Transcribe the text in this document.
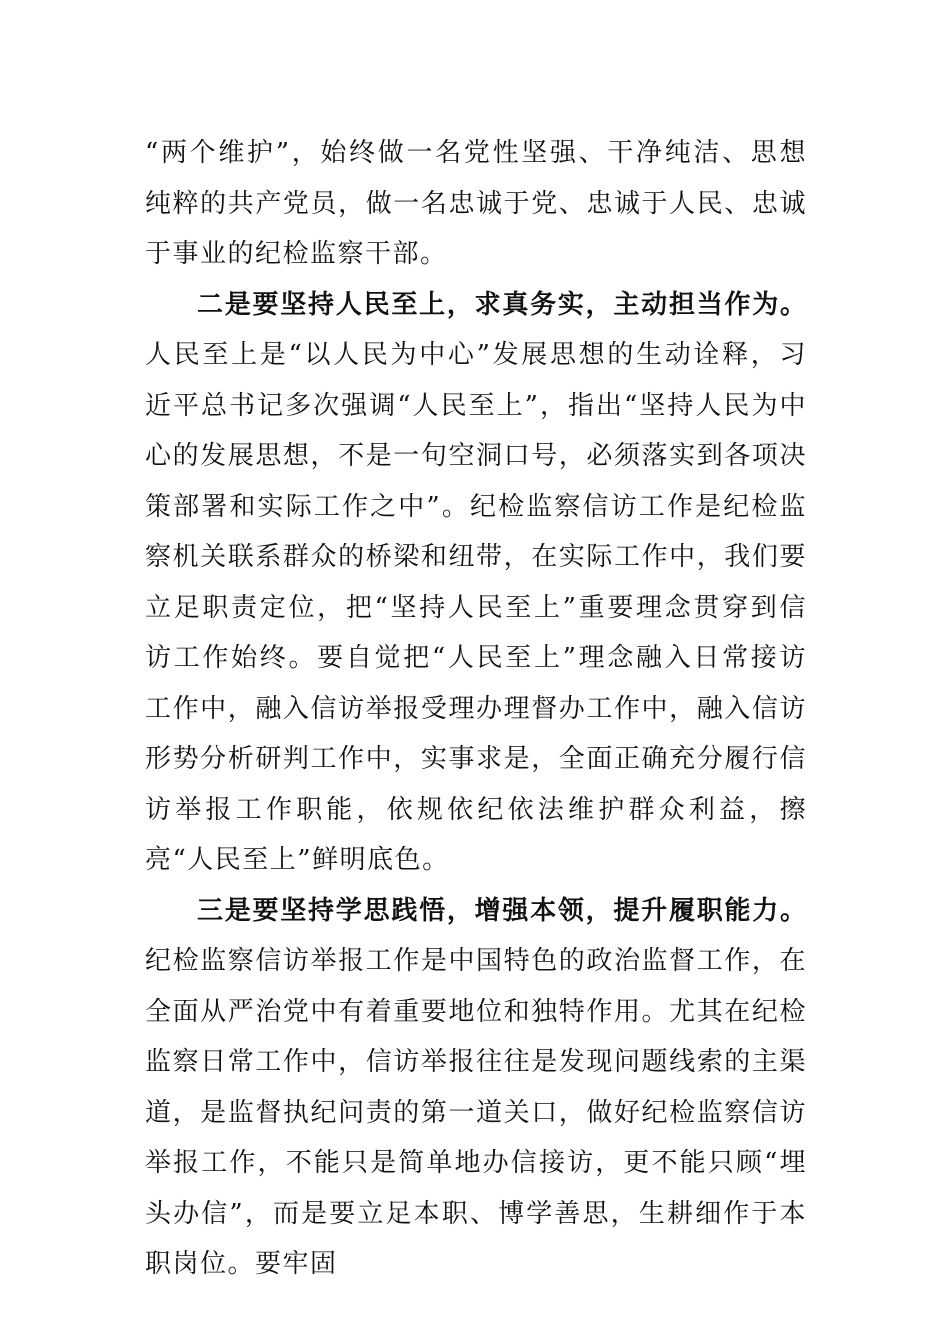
“两个维护”，始终做一名党性坚强、干净纯洁、思想纯粹的共产党员，做一名忠诚于党、忠诚于人民、忠诚于事业的纪检监察干部。

二是要坚持人民至上，求真务实，主动担当作为。人民至上是“以人民为中心”发展思想的生动诠释，习近平总书记多次强调“人民至上”，指出“坚持人民为中心的发展思想，不是一句空洞口号，必须落实到各项决策部署和实际工作之中”。纪检监察信访工作是纪检监察机关联系群众的桥梁和纽带，在实际工作中，我们要立足职责定位，把“坚持人民至上”重要理念贯穿到信访工作始终。要自觉把“人民至上”理念融入日常接访工作中，融入信访举报受理办理督办工作中，融入信访形势分析研判工作中，实事求是，全面正确充分履行信访举报工作职能，依规依纪依法维护群众利益，擦亮“人民至上”鲜明底色。

三是要坚持学思践悟，增强本领，提升履职能力。纪检监察信访举报工作是中国特色的政治监督工作，在全面从严治党中有着重要地位和独特作用。尤其在纪检监察日常工作中，信访举报往往是发现问题线索的主渠道，是监督执纪问责的第一道关口，做好纪检监察信访举报工作，不能只是简单地办信接访，更不能只顾“埋头办信”，而是要立足本职、博学善思，生耕细作于本职岗位。要牢固
